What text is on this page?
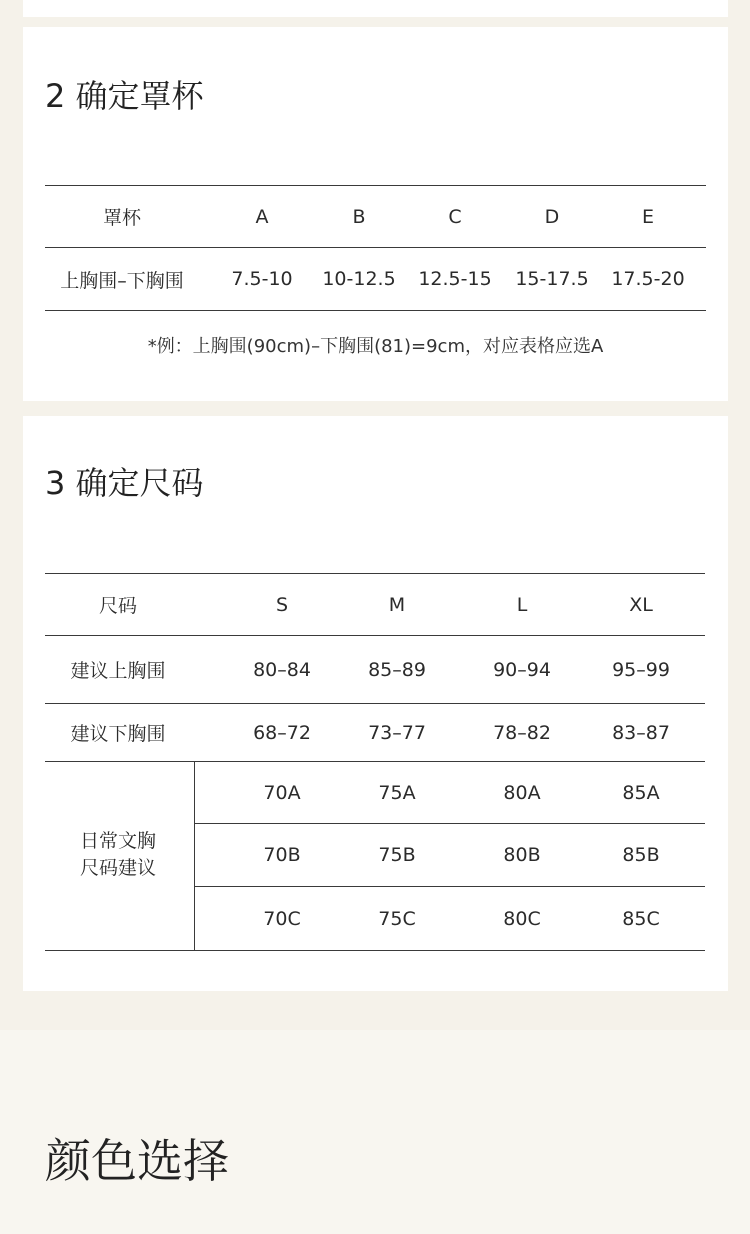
2 确定罩杯
罩杯	A	B	C	D	E
上胸围–下胸围	7.5-10	10-12.5	12.5-15	15-17.5	17.5-20
*例：上胸围(90cm)–下胸围(81)=9cm，对应表格应选A
3 确定尺码
尺码	S	M	L	XL
建议上胸围	80–84	85–89	90–94	95–99
建议下胸围	68–72	73–77	78–82	83–87
日常文胸
尺码建议
70A	75A	80A	85A
70B	75B	80B	85B
70C	75C	80C	85C
颜色选择
